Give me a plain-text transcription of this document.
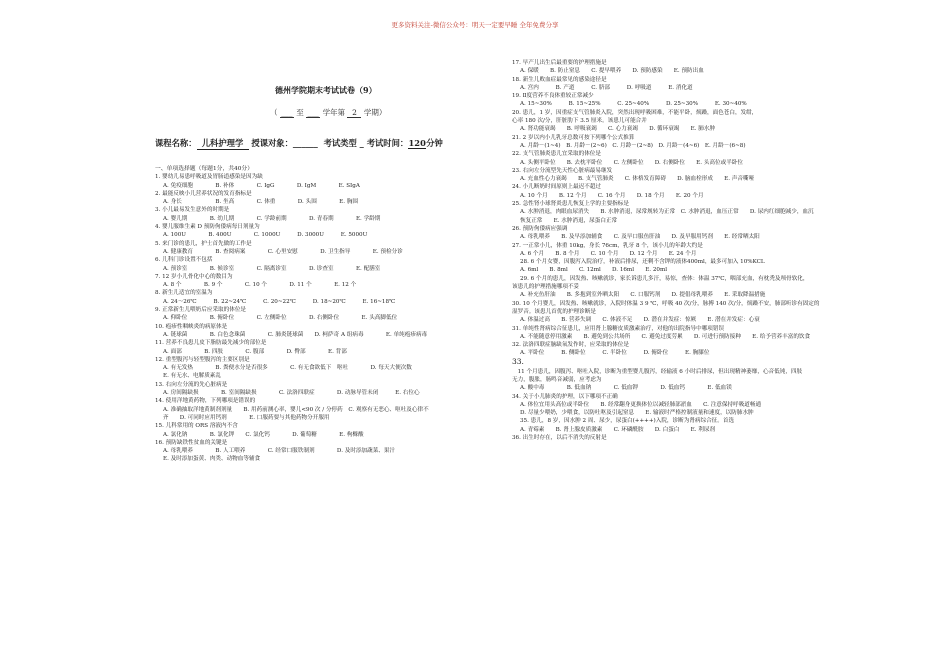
更多资料关注-微信公众号：明天一定要早睡 全年免费分享
德州学院期末考试试卷（9）
（ ___ 至 ___ 学年第 2 学期）
课程名称： 儿科护理学 授课对象：______ 考试类型 _ 考试时间：120分钟
一、单项选择题（每题1分，共40分）
1. 婴幼儿易患呼吸道及胃肠道感染是因为缺
A. 免疫细胞　　　　B. 补体　　　　C. IgG　　　　D. IgM　　　　E. SIgA
2. 最能反映小儿营养状况的发育指标是
A. 身长　　　　　　B. 坐高　　　　C. 体重　　　　D. 头围　　　　E. 胸围
3. 小儿最易发生意外的时期是
A. 婴儿期　　　　B. 幼儿期　　　　C. 学龄前期　　　　D. 青春期　　　　E. 学龄期
4. 婴儿服维生素 D 预防佝偻病每日剂量为
A. 100U　　　　B. 400U　　　　C. 1000U　　　D. 3000U　　　E. 5000U
5. 来门诊的患儿，护士首先做的工作是
A. 健康教育　　　　B. 查阅病案　　　　C. 心里安慰　　　　D. 卫生指导　　　　E. 预检分诊
6. 儿科门诊设置不包括
A. 预诊室　　　　B. 候诊室　　　　C. 隔离诊室　　　　D. 诊查室　　　　E. 配膳室
7. 12 岁小儿骨化中心的数目为
A. 8 个　　　　B. 9 个　　　　C. 10 个　　　　D. 11 个　　　　E. 12 个
8. 新生儿适宜的室温为
A. 24～26℃　　　B. 22~24℃　　　C. 20~22℃　　　D. 18~20℃　　　E. 16~18℃
9. 正常新生儿喂奶后应采取的体位是
A. 仰卧位　　　　B. 俯卧位　　　　C. 左侧卧位　　　　D. 右侧卧位　　　　E. 头高脚低位
10. 疱疹性咽峡炎的病原体是
A. 链球菌　　　　B. 白色念珠菌　　　　C. 肺炎链球菌　　D. 柯萨奇 A 组病毒　　　　E. 单纯疱疹病毒
11. 营养不良患儿皮下脂肪最先减少的部位是
A. 面部　　　　B. 四肢　　　　C. 腹部　　　　D. 臀部　　　　E. 背部
12. 重型腹泻与轻型腹泻的主要区别是
A. 有无发热　　　　B. 粪便水分是否很多　　　　C. 有无食欲低下　呕吐　　　　D. 每天大便次数
E. 有无水、电解质紊乱
13. 右向左分流的先心脏病是
A. 房间隔缺损　　　　B. 室间隔缺损　　　　C. 法洛四联症　　　　D. 动脉导管未闭　　　E. 右位心
14. 使用洋地黄药物，下列哪项是错误的
A. 准确抽取洋地黄制剂剂量　　B. 用药前测心率，婴儿<90 次 / 分停药　C. 观察有无恶心、呕吐及心律不
齐　　D. 可同时应用钙剂　　　　E. 口服药要与其他药物分开服用
15. 儿科常用的 ORS 溶液内不含
A. 氯化钠　　　　B. 氯化钾　　C. 氯化钙　　　　D. 葡萄糖　　　　E. 枸橼酸
16. 预防缺铁性贫血的关键是
A. 母乳喂养　　　　B. 人工喂养　　　　C. 经常口服铁制剂　　　　D. 及时添加蔬菜、果汁
E. 及时添加蛋黄、肉类、动物血等辅食
17. 早产儿出生后最重要的护理措施是
A. 保暖　　B. 防止窒息　　C. 提早喂养　　D. 预防感染　　E. 预防出血
18. 新生儿败血症最常见的感染途径是
A. 宫内　　　B. 产道　　　C. 脐部　　　D. 呼吸道　　　E. 消化道
19. Ⅱ度营养不良体重较正常减少
A. 15~30%　　　B. 15~25%　　　C. 25~40%　　　D. 25~30%　　　E. 30~40%
20. 患儿，1 岁，因重症支气管肺炎入院，突然出现呼吸困难，不能平卧，烦躁，面色苍白，发绀，
心率 180 次/分，肝脏肋下 3.5 厘米。该患儿可能合并
A. 肾功能衰竭　　B. 呼吸衰竭　　C. 心力衰竭　　D. 循环衰竭　　E. 肺水肿
21. 2 岁以内小儿乳牙总数可按下列哪个公式推算
A. 月龄－(1~4)　B. 月龄－(2~6)　C. 月龄－(2~8)　D. 月龄－(4~6)　E. 月龄－(6~8)
22. 支气管肺炎患儿宜采取的体位是
A. 头侧平卧位　　B. 去枕平卧位　　C. 左侧卧位　　D. 右侧卧位　　E. 头高位或半卧位
23. 右向左分流型先天性心脏病最易继发
A. 充血性心力衰竭　　B. 支气管肺炎　　C. 体格发育障碍　　D. 脑血栓形成　　E. 声音嘶哑
24. 小儿断奶时间原则上最迟不超过
A. 10 个月　　B. 12 个月　　C. 16 个月　　D. 18 个月　　E. 20 个月
25. 急性肾小球肾炎患儿恢复上学的主要指标是
A. 水肿消退，肉眼血尿消失　　B. 水肿消退，尿常规转为正常　C. 水肿消退，血压正常　　D. 尿内红细胞减少，血沉
恢复正常　　E. 水肿消退，尿蛋白正常
26. 预防佝偻病应强调
A. 母乳喂养　　B. 及早添加辅食　　C. 及早口服鱼肝油　　D. 及早服用钙剂　　E. 经常晒太阳
27. 一正常小儿，体重 10kg，身长 76cm，乳牙 8 个，该小儿的年龄大约是
A. 6 个月　　B. 8 个月　　C. 10 个月　　D. 12 个月　　E. 24 个月
28. 6 个月女婴，因腹泻入院治疗，补液后排尿，还剩不含钾的液体400ml，最多可加入 10%KCL
A. 6ml　　B. 8ml　　C. 12ml　　D. 16ml　　E. 20ml
29. 6 个月的患儿，因发热、咳嗽就诊，家长诉患儿多汗，易惊，查体：体温 37℃，咽部充血，有枕秃及颅骨软化，
该患儿的护理措施哪项不妥
A. 补充鱼肝油　　B. 多抱到室外晒太阳　　C. 口服钙剂　　D. 提倡母乳喂养　　E. 采取降温措施
30. 10 个月婴儿，因发热、咳嗽就诊，入院时体温 3 9 ℃，呼吸 40 次/分，脉搏 140 次/分，烦躁不安，肺部听诊有固定的
湿罗音。该患儿首优的护理诊断是
A. 体温过高　　B. 营养失调　　C. 体液不足　　D. 潜在并发症：惊厥　　E. 潜在并发症：心衰
31. 单纯性肾病综合征患儿，应用肾上腺糖皮质激素治疗，对他的出院指导中哪项错误
A. 不能随意停用激素　　B. 避免到公共场所　　C. 避免过度劳累　　D. 可进行预防接种　　E. 给予营养丰富的饮食
32. 法洛四联症脑缺氧发作时，应采取的体位是
A. 平卧位　　　B. 侧卧位　　　C. 半卧位　　　D. 俯卧位　　　E. 胸膝位
33.
　11 个月患儿，因腹泻、呕吐入院，诊断为重型婴儿腹泻，经输液 6 小时后排尿，但出现精神萎靡，心音低钝，四肢
无力，腹胀，肠鸣音减弱，应考虑为
A. 酸中毒　　　　B. 低血钠　　　　C. 低血钾　　　　D. 低血钙　　　　E. 低血镁
34. 关于小儿肺炎的护理，以下哪项不正确
A. 体位宜用头高位或半卧位　　B. 经常翻身更换体位以减轻肺部淤血　　C. 注意保持呼吸道畅通
D. 尽量少喂奶，少喂食，以防吐呕及引起窒息　　E. 输液时严格控制液量和速度，以防肺水肿
35. 患儿，8 岁，因水肿 2 周、尿少，尿蛋白(++++)入院，诊断为肾病综合征。首选
A. 青霉素　　B. 肾上腺皮质激素　　C. 环磷酰胺　　D. 白蛋白　　E. 利尿剂
36. 出生时存在，以后不消失的反射是
